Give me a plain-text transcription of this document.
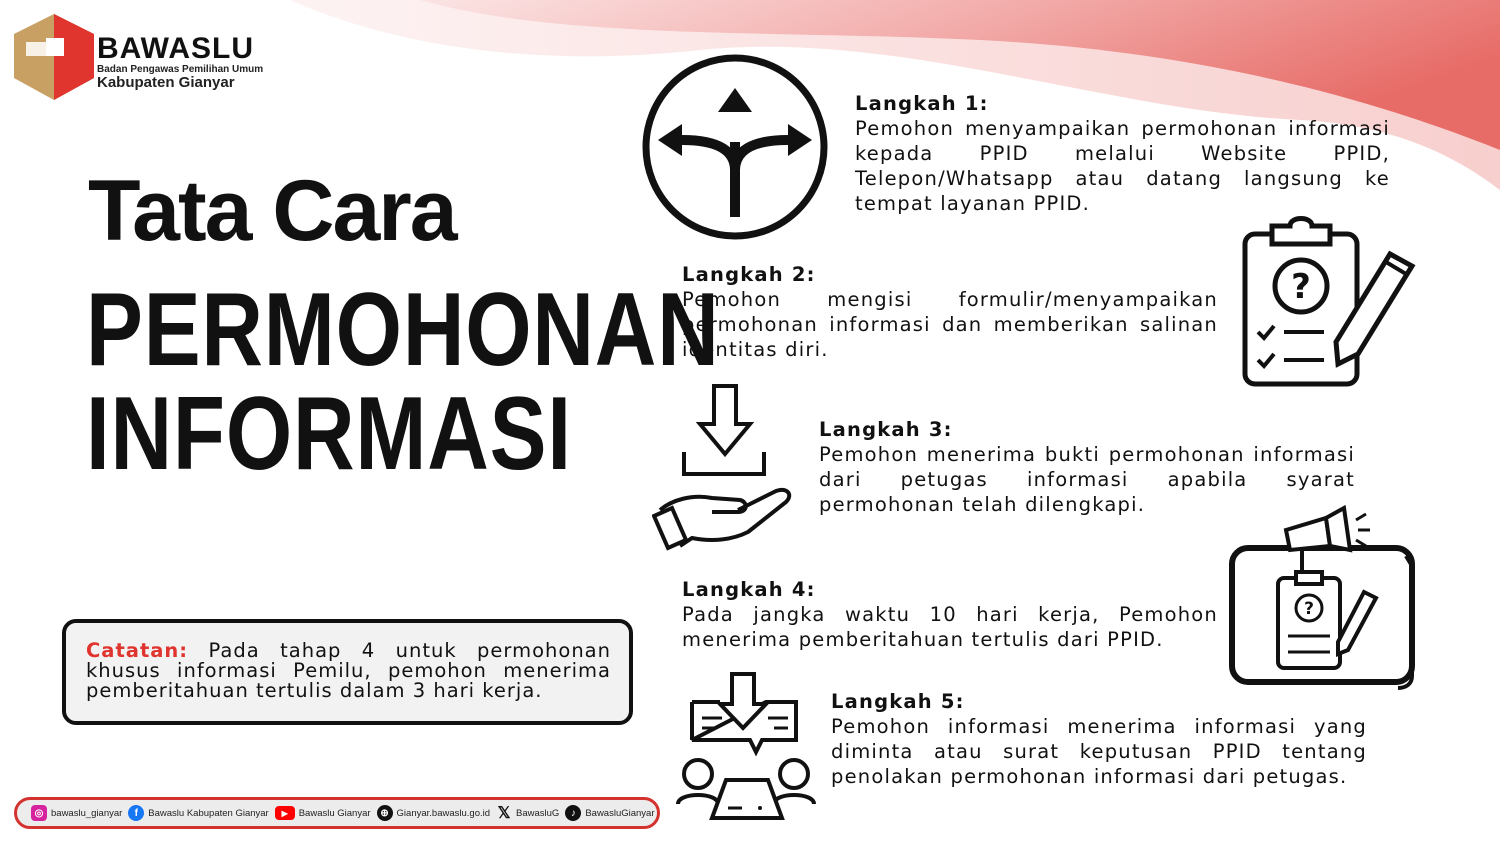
BAWASLU
Badan Pengawas Pemilihan Umum
Kabupaten Gianyar
Tata Cara
PERMOHONAN
INFORMASI
Catatan: Pada tahap 4 untuk permohonan khusus informasi Pemilu, pemohon menerima pemberitahuan tertulis dalam 3 hari kerja.
Langkah 1:
Pemohon menyampaikan permohonan informasi kepada PPID melalui Website PPID, Telepon/Whatsapp atau datang langsung ke tempat layanan PPID.
?
Langkah 2:
Pemohon mengisi formulir/menyampaikan permohonan informasi dan memberikan salinan identitas diri.
Langkah 3:
Pemohon menerima bukti permohonan informasi dari petugas informasi apabila syarat permohonan telah dilengkapi.
?
Langkah 4:
Pada jangka waktu 10 hari kerja, Pemohon menerima pemberitahuan tertulis dari PPID.
Langkah 5:
Pemohon informasi menerima informasi yang diminta atau surat keputusan PPID tentang penolakan permohonan informasi dari petugas.
◎ bawaslu_gianyar	f	Bawaslu Kabupaten Gianyar	▶	Bawaslu Gianyar ⊕ Gianyar.bawaslu.go.id 𝕏 BawasluG	♪	BawasluGianyar
